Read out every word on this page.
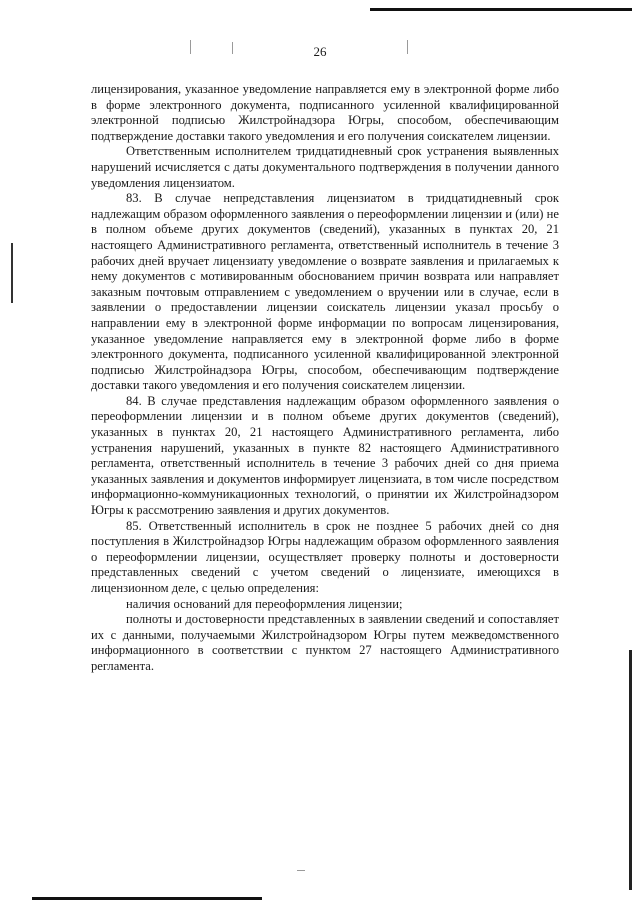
26

лицензирования, указанное уведомление направляется ему в электронной форме либо в форме электронного документа, подписанного усиленной квалифицированной электронной подписью Жилстройнадзора Югры, способом, обеспечивающим подтверждение доставки такого уведомления и его получения соискателем лицензии.

Ответственным исполнителем тридцатидневный срок устранения выявленных нарушений исчисляется с даты документального подтверждения в получении данного уведомления лицензиатом.

83. В случае непредставления лицензиатом в тридцатидневный срок надлежащим образом оформленного заявления о переоформлении лицензии и (или) не в полном объеме других документов (сведений), указанных в пунктах 20, 21 настоящего Административного регламента, ответственный исполнитель в течение 3 рабочих дней вручает лицензиату уведомление о возврате заявления и прилагаемых к нему документов с мотивированным обоснованием причин возврата или направляет заказным почтовым отправлением с уведомлением о вручении или в случае, если в заявлении о предоставлении лицензии соискатель лицензии указал просьбу о направлении ему в электронной форме информации по вопросам лицензирования, указанное уведомление направляется ему в электронной форме либо в форме электронного документа, подписанного усиленной квалифицированной электронной подписью Жилстройнадзора Югры, способом, обеспечивающим подтверждение доставки такого уведомления и его получения соискателем лицензии.

84. В случае представления надлежащим образом оформленного заявления о переоформлении лицензии и в полном объеме других документов (сведений), указанных в пунктах 20, 21 настоящего Административного регламента, либо устранения нарушений, указанных в пункте 82 настоящего Административного регламента, ответственный исполнитель в течение 3 рабочих дней со дня приема указанных заявления и документов информирует лицензиата, в том числе посредством информационно-коммуникационных технологий, о принятии их Жилстройнадзором Югры к рассмотрению заявления и других документов.

85. Ответственный исполнитель в срок не позднее 5 рабочих дней со дня поступления в Жилстройнадзор Югры надлежащим образом оформленного заявления о переоформлении лицензии, осуществляет проверку полноты и достоверности представленных сведений с учетом сведений о лицензиате, имеющихся в лицензионном деле, с целью определения:

наличия оснований для переоформления лицензии;

полноты и достоверности представленных в заявлении сведений и сопоставляет их с данными, получаемыми Жилстройнадзором Югры путем межведомственного информационного в соответствии с пунктом 27 настоящего Административного регламента.
